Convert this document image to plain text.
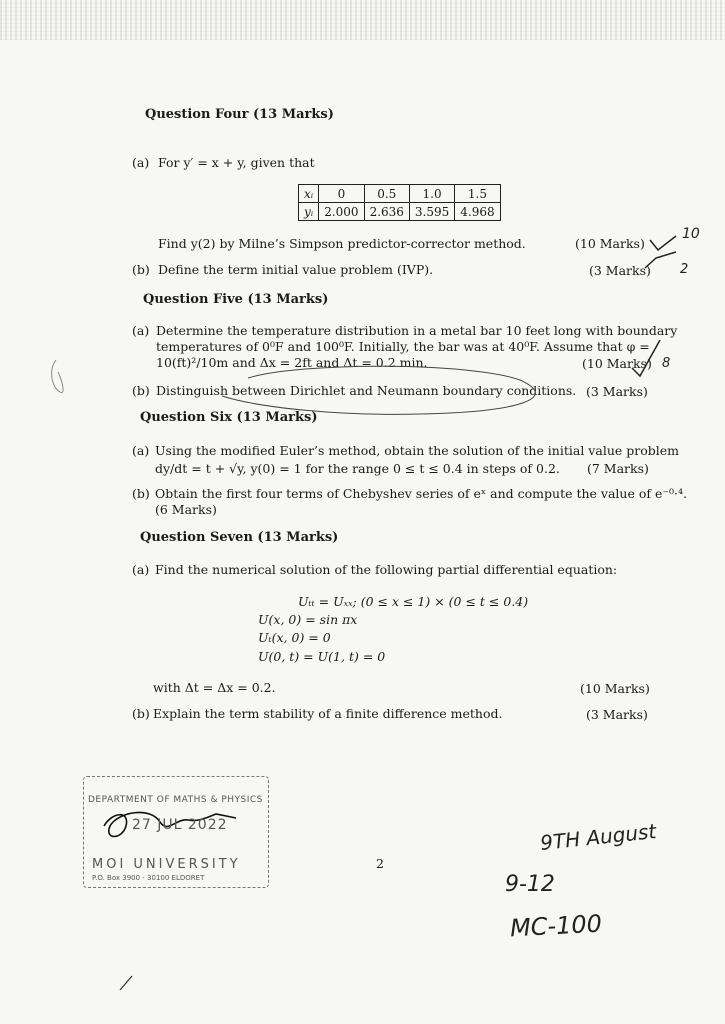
Question Four (13 Marks)
(a) For y′ = x + y, given that
xᵢ	0	0.5	1.0	1.5
yᵢ	2.000	2.636	3.595	4.968
Find y(2) by Milne’s Simpson predictor-corrector method.	(10 Marks)
(b) Define the term initial value problem (IVP).	(3 Marks)
Question Five (13 Marks)
(a) Determine the temperature distribution in a metal bar 10 feet long with boundary
temperatures of 0⁰F and 100⁰F. Initially, the bar was at 40⁰F. Assume that φ =
10(ft)²/10m and Δx = 2ft and Δt = 0.2 min.	(10 Marks)
(b) Distinguish between Dirichlet and Neumann boundary conditions. (3 Marks)
Question Six (13 Marks)
(a) Using the modified Euler’s method, obtain the solution of the initial value problem
dy/dt = t + √y, y(0) = 1 for the range 0 ≤ t ≤ 0.4 in steps of 0.2. (7 Marks)
(b) Obtain the first four terms of Chebyshev series of eˣ and compute the value of e⁻⁰·⁴.
(6 Marks)
Question Seven (13 Marks)
(a) Find the numerical solution of the following partial differential equation:
Uₜₜ = Uₓₓ; (0 ≤ x ≤ 1) × (0 ≤ t ≤ 0.4)
U(x, 0) = sin πx
Uₜ(x, 0) = 0
U(0, t) = U(1, t) = 0
with Δt = Δx = 0.2.	(10 Marks)
(b) Explain the term stability of a finite difference method.	(3 Marks)
10
2
8
DEPARTMENT OF MATHS & PHYSICS
27 JUL 2022
MOI UNIVERSITY
P.O. Box 3900 - 30100 ELDORET
2
9TH August
9-12
MC-100
